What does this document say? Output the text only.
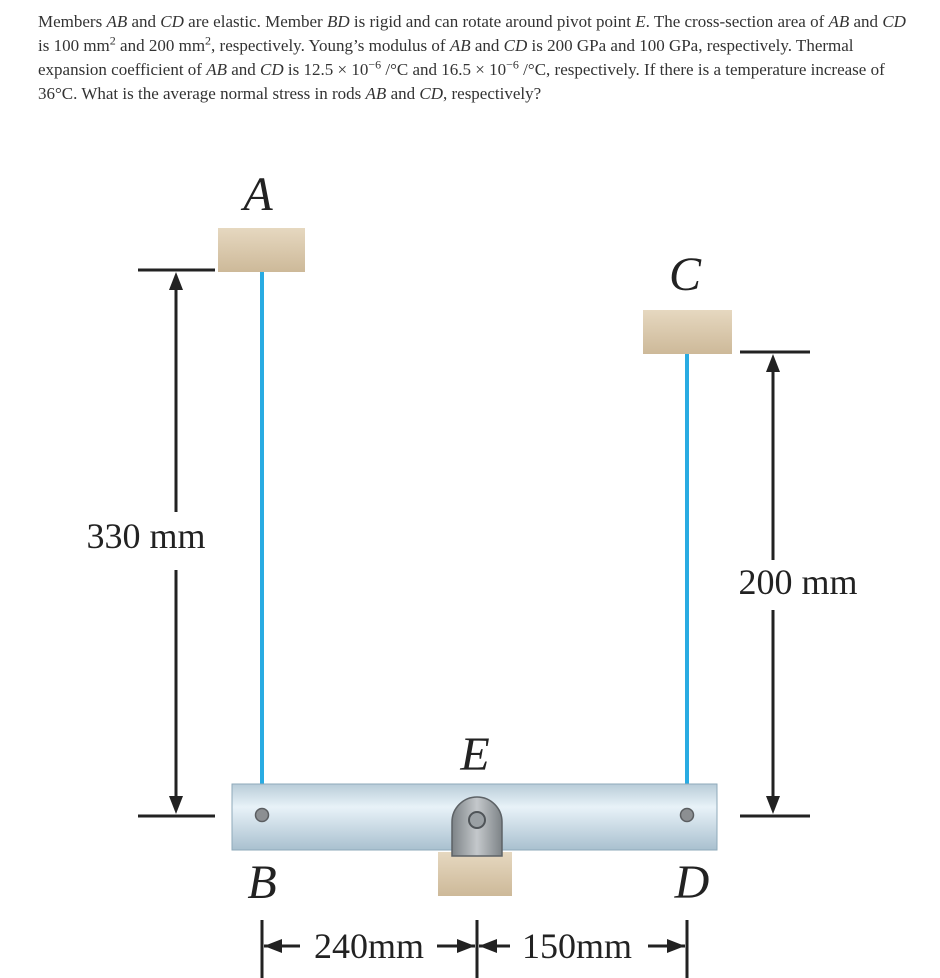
Members AB and CD are elastic. Member BD is rigid and can rotate around pivot point E. The cross-section area of AB and CD is 100 $mm^2$ and 200 $mm^2$, respectively. Young’s modulus of AB and CD is 200 GPa and 100 GPa, respectively. Thermal expansion coefficient of AB and CD is $12.5 \times 10^{-6}$ /°C and $16.5 \times 10^{-6}$ /°C, respectively. If there is a temperature increase of 36°C. What is the average normal stress in rods AB and CD, respectively?
A
C
E
B	D
330 mm
200 mm
240mm	150mm
